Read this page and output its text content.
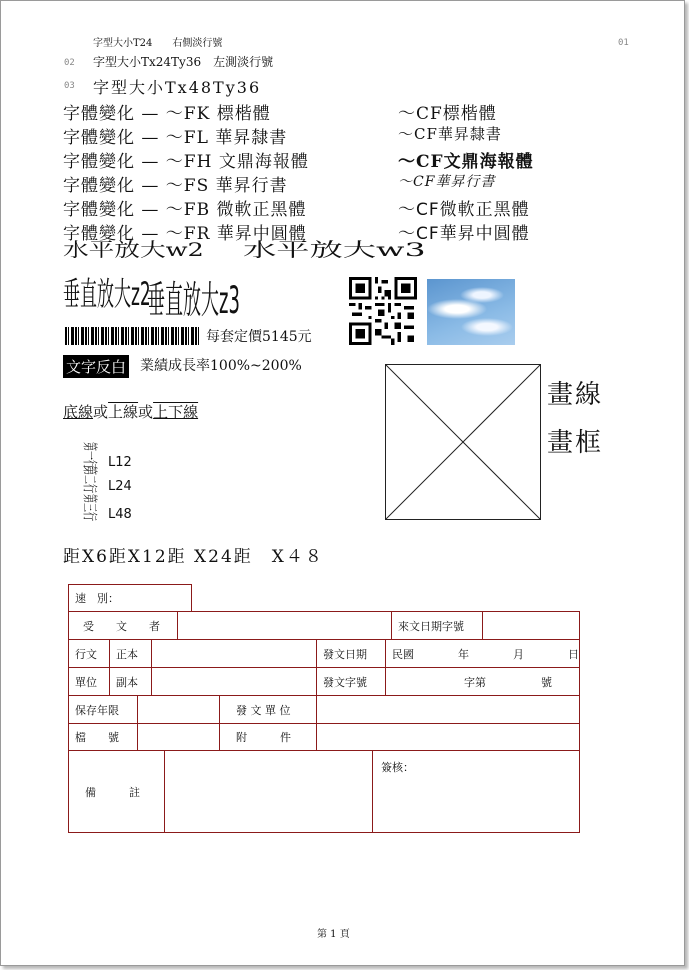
字型大小T24　　右側淡行號	01
02 字型大小Tx24Ty36　左測淡行號
03 字型大小Tx48Ty36
字體變化 — ～FK 標楷體	～CF標楷體
字體變化 — ～FL 華昇隸書	～CF華昇隸書
字體變化 — ～FH 文鼎海報體	～CF文鼎海報體
字體變化 — ～FS 華昇行書	～CF華昇行書
字體變化 — ～FB 微軟正黑體	～CF微軟正黑體
字體變化 — ～FR 華昇中圓體	～CF華昇中圓體
水平放大w2 水平放大w3
垂直放大z2
垂直放大z3
每套定價5145元
文字反白 業績成長率100%~200%
畫線
畫框
底線或上線或上下線
第一行 L12
第二行 L24
第三行 L48
距X6距X12距 X24距　X４８
速　別：
受　　文　　者	來文日期字號
行文	正本	發文日期	民國　　　　年　　　　月　　　　日
單位	副本	發文字號	字第　　　　　號
保存年限	發 文 單 位
檔　　號	附　　　件
備　　　註
簽核：
第 1 頁
